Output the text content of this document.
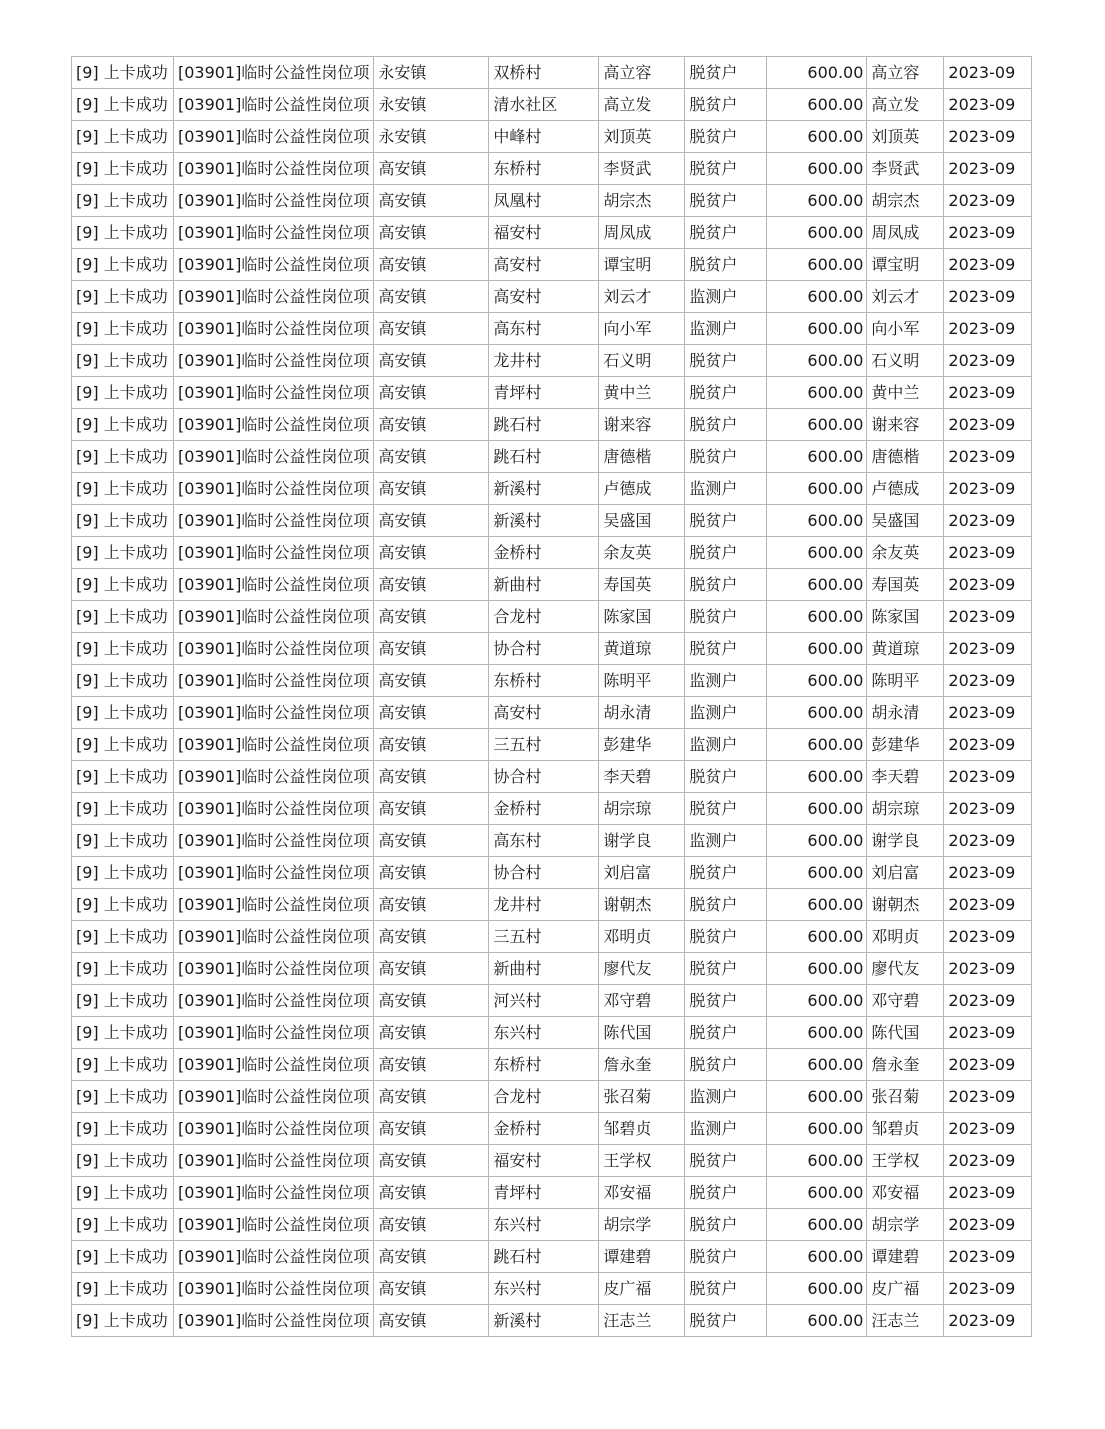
[9] 上卡成功	[03901]临时公益性岗位项	永安镇	双桥村	高立容	脱贫户	600.00	高立容	2023-09
[9] 上卡成功	[03901]临时公益性岗位项	永安镇	清水社区	高立发	脱贫户	600.00	高立发	2023-09
[9] 上卡成功	[03901]临时公益性岗位项	永安镇	中峰村	刘顶英	脱贫户	600.00	刘顶英	2023-09
[9] 上卡成功	[03901]临时公益性岗位项	高安镇	东桥村	李贤武	脱贫户	600.00	李贤武	2023-09
[9] 上卡成功	[03901]临时公益性岗位项	高安镇	凤凰村	胡宗杰	脱贫户	600.00	胡宗杰	2023-09
[9] 上卡成功	[03901]临时公益性岗位项	高安镇	福安村	周凤成	脱贫户	600.00	周凤成	2023-09
[9] 上卡成功	[03901]临时公益性岗位项	高安镇	高安村	谭宝明	脱贫户	600.00	谭宝明	2023-09
[9] 上卡成功	[03901]临时公益性岗位项	高安镇	高安村	刘云才	监测户	600.00	刘云才	2023-09
[9] 上卡成功	[03901]临时公益性岗位项	高安镇	高东村	向小军	监测户	600.00	向小军	2023-09
[9] 上卡成功	[03901]临时公益性岗位项	高安镇	龙井村	石义明	脱贫户	600.00	石义明	2023-09
[9] 上卡成功	[03901]临时公益性岗位项	高安镇	青坪村	黄中兰	脱贫户	600.00	黄中兰	2023-09
[9] 上卡成功	[03901]临时公益性岗位项	高安镇	跳石村	谢来容	脱贫户	600.00	谢来容	2023-09
[9] 上卡成功	[03901]临时公益性岗位项	高安镇	跳石村	唐德楷	脱贫户	600.00	唐德楷	2023-09
[9] 上卡成功	[03901]临时公益性岗位项	高安镇	新溪村	卢德成	监测户	600.00	卢德成	2023-09
[9] 上卡成功	[03901]临时公益性岗位项	高安镇	新溪村	吴盛国	脱贫户	600.00	吴盛国	2023-09
[9] 上卡成功	[03901]临时公益性岗位项	高安镇	金桥村	余友英	脱贫户	600.00	余友英	2023-09
[9] 上卡成功	[03901]临时公益性岗位项	高安镇	新曲村	寿国英	脱贫户	600.00	寿国英	2023-09
[9] 上卡成功	[03901]临时公益性岗位项	高安镇	合龙村	陈家国	脱贫户	600.00	陈家国	2023-09
[9] 上卡成功	[03901]临时公益性岗位项	高安镇	协合村	黄道琼	脱贫户	600.00	黄道琼	2023-09
[9] 上卡成功	[03901]临时公益性岗位项	高安镇	东桥村	陈明平	监测户	600.00	陈明平	2023-09
[9] 上卡成功	[03901]临时公益性岗位项	高安镇	高安村	胡永清	监测户	600.00	胡永清	2023-09
[9] 上卡成功	[03901]临时公益性岗位项	高安镇	三五村	彭建华	监测户	600.00	彭建华	2023-09
[9] 上卡成功	[03901]临时公益性岗位项	高安镇	协合村	李天碧	脱贫户	600.00	李天碧	2023-09
[9] 上卡成功	[03901]临时公益性岗位项	高安镇	金桥村	胡宗琼	脱贫户	600.00	胡宗琼	2023-09
[9] 上卡成功	[03901]临时公益性岗位项	高安镇	高东村	谢学良	监测户	600.00	谢学良	2023-09
[9] 上卡成功	[03901]临时公益性岗位项	高安镇	协合村	刘启富	脱贫户	600.00	刘启富	2023-09
[9] 上卡成功	[03901]临时公益性岗位项	高安镇	龙井村	谢朝杰	脱贫户	600.00	谢朝杰	2023-09
[9] 上卡成功	[03901]临时公益性岗位项	高安镇	三五村	邓明贞	脱贫户	600.00	邓明贞	2023-09
[9] 上卡成功	[03901]临时公益性岗位项	高安镇	新曲村	廖代友	脱贫户	600.00	廖代友	2023-09
[9] 上卡成功	[03901]临时公益性岗位项	高安镇	河兴村	邓守碧	脱贫户	600.00	邓守碧	2023-09
[9] 上卡成功	[03901]临时公益性岗位项	高安镇	东兴村	陈代国	脱贫户	600.00	陈代国	2023-09
[9] 上卡成功	[03901]临时公益性岗位项	高安镇	东桥村	詹永奎	脱贫户	600.00	詹永奎	2023-09
[9] 上卡成功	[03901]临时公益性岗位项	高安镇	合龙村	张召菊	监测户	600.00	张召菊	2023-09
[9] 上卡成功	[03901]临时公益性岗位项	高安镇	金桥村	邹碧贞	监测户	600.00	邹碧贞	2023-09
[9] 上卡成功	[03901]临时公益性岗位项	高安镇	福安村	王学权	脱贫户	600.00	王学权	2023-09
[9] 上卡成功	[03901]临时公益性岗位项	高安镇	青坪村	邓安福	脱贫户	600.00	邓安福	2023-09
[9] 上卡成功	[03901]临时公益性岗位项	高安镇	东兴村	胡宗学	脱贫户	600.00	胡宗学	2023-09
[9] 上卡成功	[03901]临时公益性岗位项	高安镇	跳石村	谭建碧	脱贫户	600.00	谭建碧	2023-09
[9] 上卡成功	[03901]临时公益性岗位项	高安镇	东兴村	皮广福	脱贫户	600.00	皮广福	2023-09
[9] 上卡成功	[03901]临时公益性岗位项	高安镇	新溪村	汪志兰	脱贫户	600.00	汪志兰	2023-09
